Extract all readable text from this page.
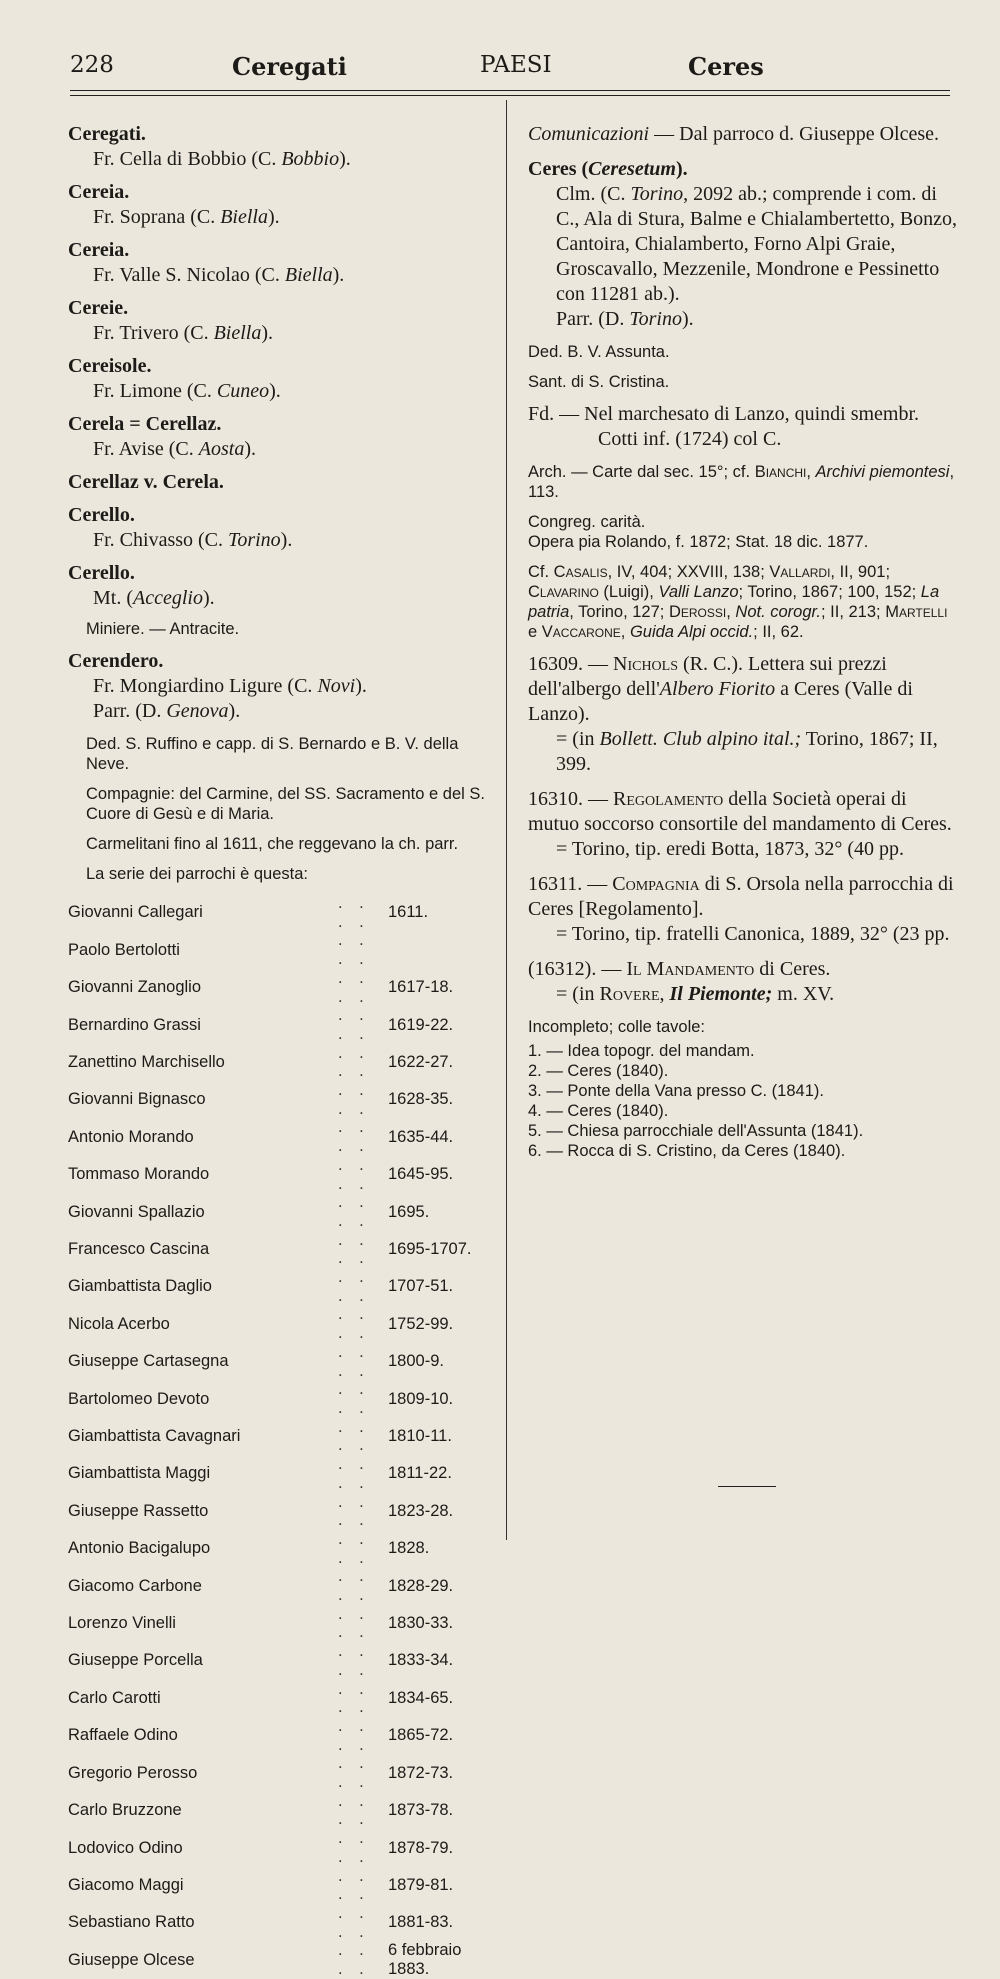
228	Ceregati	PAESI	Ceres
Ceregati.
Fr. Cella di Bobbio (C. Bobbio).
Cereia.
Fr. Soprana (C. Biella).
Cereia.
Fr. Valle S. Nicolao (C. Biella).
Cereie.
Fr. Trivero (C. Biella).
Cereisole.
Fr. Limone (C. Cuneo).
Cerela = Cerellaz.
Fr. Avise (C. Aosta).
Cerellaz v. Cerela.
Cerello.
Fr. Chivasso (C. Torino).
Cerello.
Mt. (Acceglio).
Miniere. — Antracite.
Cerendero.
Fr. Mongiardino Ligure (C. Novi).
Parr. (D. Genova).
Ded. S. Ruffino e capp. di S. Bernardo e B. V. della Neve.
Compagnie: del Carmine, del SS. Sacramento e del S. Cuore di Gesù e di Maria.
Carmelitani fino al 1611, che reggevano la ch. parr.
La serie dei parrochi è questa:
Giovanni Callegari	. . . .	1611.
Paolo Bertolotti	. . . .	
Giovanni Zanoglio	. . . .	1617-18.
Bernardino Grassi	. . . .	1619-22.
Zanettino Marchisello	. . . .	1622-27.
Giovanni Bignasco	. . . .	1628-35.
Antonio Morando	. . . .	1635-44.
Tommaso Morando	. . . .	1645-95.
Giovanni Spallazio	. . . .	1695.
Francesco Cascina	. . . .	1695-1707.
Giambattista Daglio	. . . .	1707-51.
Nicola Acerbo	. . . .	1752-99.
Giuseppe Cartasegna	. . . .	1800-9.
Bartolomeo Devoto	. . . .	1809-10.
Giambattista Cavagnari	. . . .	1810-11.
Giambattista Maggi	. . . .	1811-22.
Giuseppe Rassetto	. . . .	1823-28.
Antonio Bacigalupo	. . . .	1828.
Giacomo Carbone	. . . .	1828-29.
Lorenzo Vinelli	. . . .	1830-33.
Giuseppe Porcella	. . . .	1833-34.
Carlo Carotti	. . . .	1834-65.
Raffaele Odino	. . . .	1865-72.
Gregorio Perosso	. . . .	1872-73.
Carlo Bruzzone	. . . .	1873-78.
Lodovico Odino	. . . .	1878-79.
Giacomo Maggi	. . . .	1879-81.
Sebastiano Ratto	. . . .	1881-83.
Giuseppe Olcese	. . . .	6 febbraio 1883.
Comunicazioni — Dal parroco d. Giuseppe Olcese.
Ceres (Ceresetum).
Clm. (C. Torino, 2092 ab.; comprende i com. di C., Ala di Stura, Balme e Chialambertetto, Bonzo, Cantoira, Chialamberto, Forno Alpi Graie, Groscavallo, Mezzenile, Mondrone e Pessinetto con 11281 ab.).
Parr. (D. Torino).
Ded. B. V. Assunta.
Sant. di S. Cristina.
Fd. — Nel marchesato di Lanzo, quindi smembr.
Cotti inf. (1724) col C.
Arch. — Carte dal sec. 15°; cf. Bianchi, Archivi piemontesi, 113.
Congreg. carità.
Opera pia Rolando, f. 1872; Stat. 18 dic. 1877.
Cf. Casalis, IV, 404; XXVIII, 138; Vallardi, II, 901; Clavarino (Luigi), Valli Lanzo; Torino, 1867; 100, 152; La patria, Torino, 127; Derossi, Not. corogr.; II, 213; Martelli e Vaccarone, Guida Alpi occid.; II, 62.
16309. — Nichols (R. C.). Lettera sui prezzi dell'albergo dell'Albero Fiorito a Ceres (Valle di Lanzo).
= (in Bollett. Club alpino ital.; Torino, 1867; II, 399.
16310. — Regolamento della Società operai di mutuo soccorso consortile del mandamento di Ceres.
= Torino, tip. eredi Botta, 1873, 32° (40 pp.
16311. — Compagnia di S. Orsola nella parrocchia di Ceres [Regolamento].
= Torino, tip. fratelli Canonica, 1889, 32° (23 pp.
(16312). — Il Mandamento di Ceres.
= (in Rovere, Il Piemonte; m. XV.
Incompleto; colle tavole:
1. — Idea topogr. del mandam.
2. — Ceres (1840).
3. — Ponte della Vana presso C. (1841).
4. — Ceres (1840).
5. — Chiesa parrocchiale dell'Assunta (1841).
6. — Rocca di S. Cristino, da Ceres (1840).
